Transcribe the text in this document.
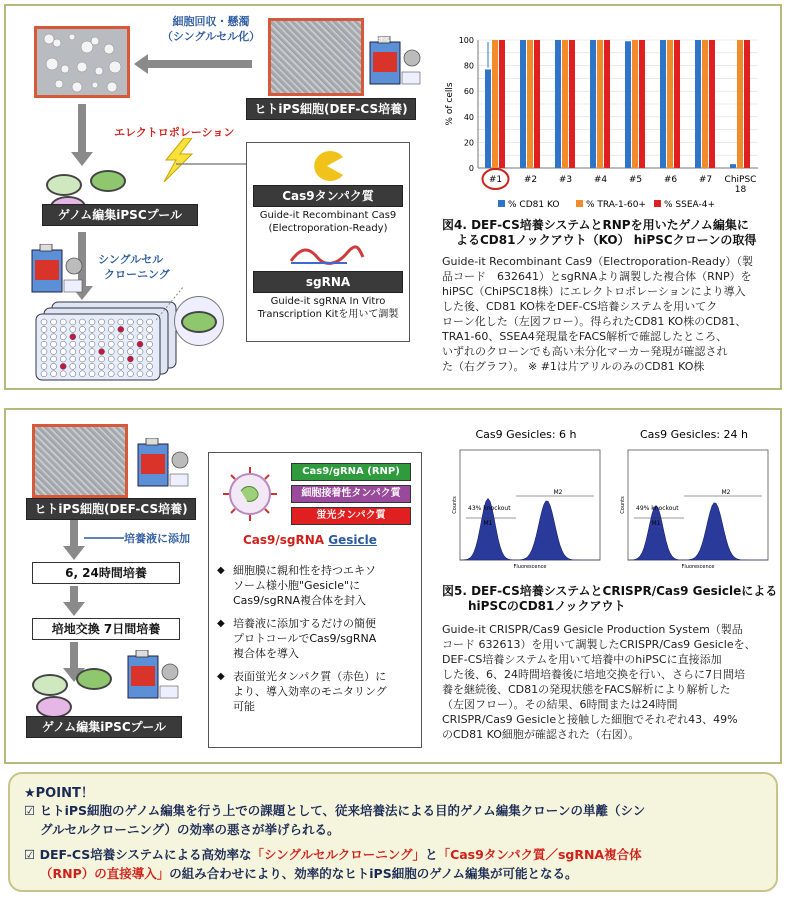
細胞回収・懸濁
（シングルセル化）	DEF-CS™
ヒトiPS細胞(DEF-CS培養)
エレクトロポレーション
ゲノム編集iPSCプール
シングルセル
クローニング
Cas9タンパク質
Guide-it Recombinant Cas9
(Electroporation-Ready)
sgRNA
Guide-it sgRNA In Vitro
Transcription Kitを用いて調製
0
20
40
60
80
100
% of cells
#1 #2 #3 #4 #5 #6 #7 ChiPSC
18
% CD81 KO	% TRA-1-60+ % SSEA-4+
図4. DEF-CS培養システムとRNPを用いたゲノム編集に
よるCD81ノックアウト（KO） hiPSCクローンの取得
Guide-it Recombinant Cas9（Electroporation-Ready）（製
品コード　632641）とsgRNAより調製した複合体（RNP）を
hiPSC（ChiPSC18株）にエレクトロポレーションにより導入
した後、CD81 KO株をDEF-CS培養システムを用いてク
ローン化した（左図フロー）。得られたCD81 KO株のCD81、
TRA1-60、SSEA4発現量をFACS解析で確認したところ、
いずれのクローンでも高い未分化マーカー発現が確認され
た（右グラフ）。 ※ #1は片アリルのみのCD81 KO株
ヒトiPS細胞(DEF-CS培養)
培養液に添加
6, 24時間培養
培地交換 7日間培養
ゲノム編集iPSCプール
Cas9/gRNA (RNP)
細胞接着性タンパク質
蛍光タンパク質
Cas9/sgRNA Gesicle
◆ 細胞膜に親和性を持つエキソ
ソーム様小胞"Gesicle"に
Cas9/sgRNA複合体を封入
◆ 培養液に添加するだけの簡便
プロトコールでCas9/sgRNA
複合体を導入
◆ 表面蛍光タンパク質（赤色）に
より、導入効率のモニタリング
可能
Cas9 Gesicles: 6 h
Counts
Fluorescence
43% knockout
M1
M2
Cas9 Gesicles: 24 h
Counts
Fluorescence
49% knockout
M1
M2
図5. DEF-CS培養システムとCRISPR/Cas9 Gesicleによる
hiPSCのCD81ノックアウト
Guide-it CRISPR/Cas9 Gesicle Production System（製品
コード 632613）を用いて調製したCRISPR/Cas9 Gesicleを、
DEF-CS培養システムを用いて培養中のhiPSCに直接添加
した後、6、24時間培養後に培地交換を行い、さらに7日間培
養を継続後、CD81の発現状態をFACS解析により解析した
（左図フロー）。その結果、6時間または24時間
CRISPR/Cas9 Gesicleと接触した細胞でそれぞれ43、49%
のCD81 KO細胞が確認された（右図）。
★POINT！
☑ ヒトiPS細胞のゲノム編集を行う上での課題として、従来培養法による目的ゲノム編集クローンの単離（シン
グルセルクローニング）の効率の悪さが挙げられる。
☑ DEF-CS培養システムによる高効率な「シングルセルクローニング」と「Cas9タンパク質／sgRNA複合体
（RNP）の直接導入」の組み合わせにより、効率的なヒトiPS細胞のゲノム編集が可能となる。
